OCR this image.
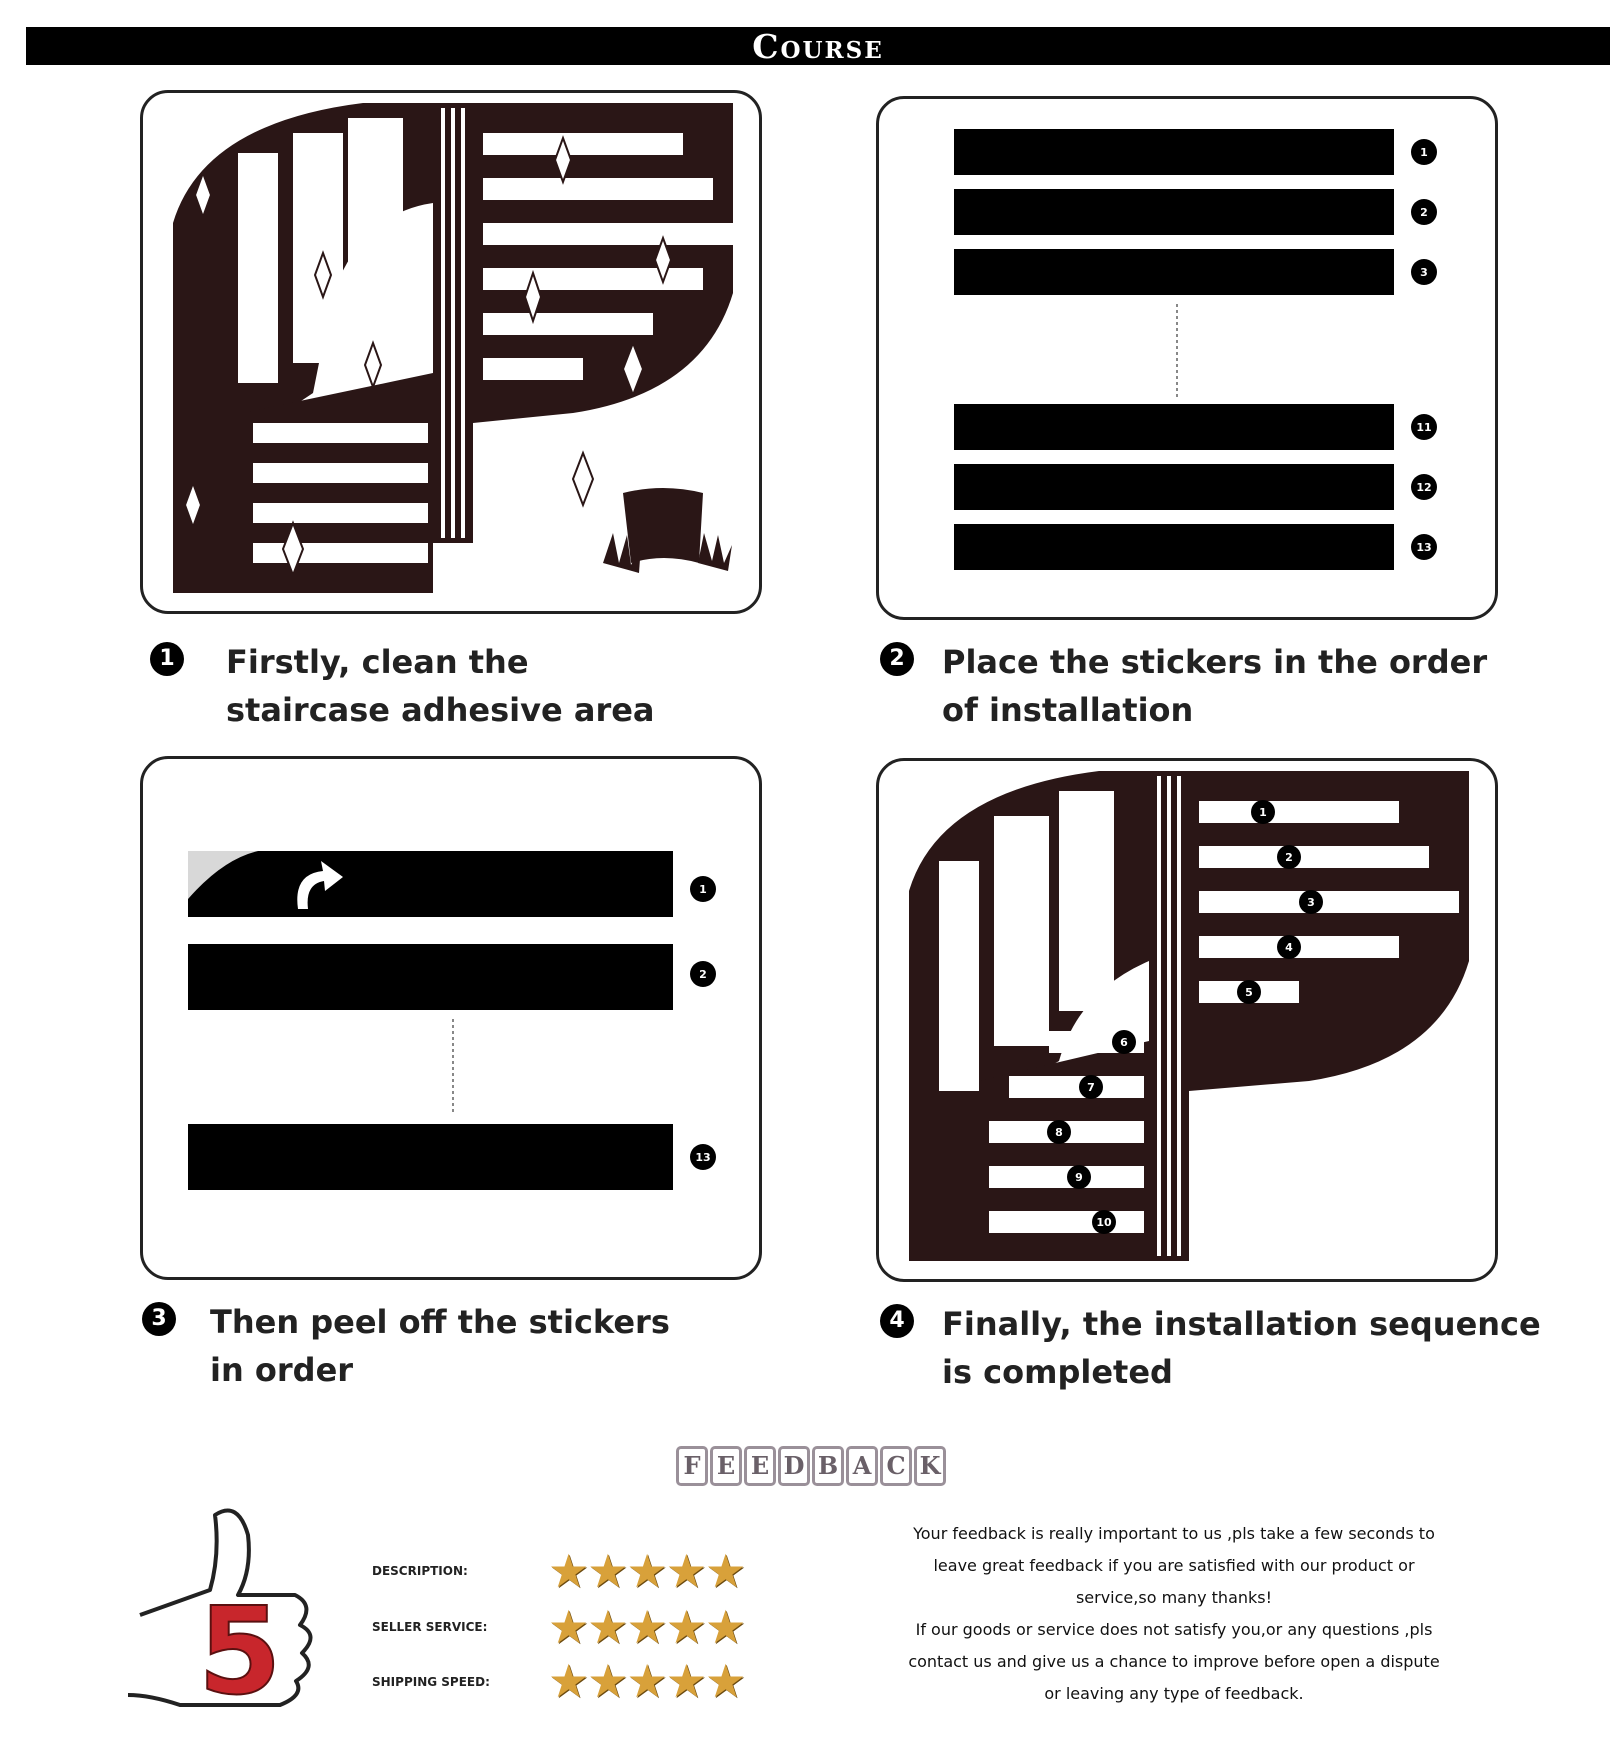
Course
1
2
3
11
12
13
1 Firstly, clean the staircase adhesive area
2 Place the stickers in the order of installation
1
2
13
1
2
3
4
5
6
7
8
9
10
3 Then peel off the stickers in order
4 Finally, the installation sequence is completed
F E E D B A C K
5
DESCRIPTION:	★★★★★
SELLER SERVICE:	★★★★★
SHIPPING SPEED:	★★★★★

Your feedback is really important to us ,pls take a few seconds to leave great feedback if you are satisfied with our product or service,so many thanks!

If our goods or service does not satisfy you,or any questions ,pls contact us and give us a chance to improve before open a dispute or leaving any type of feedback.
